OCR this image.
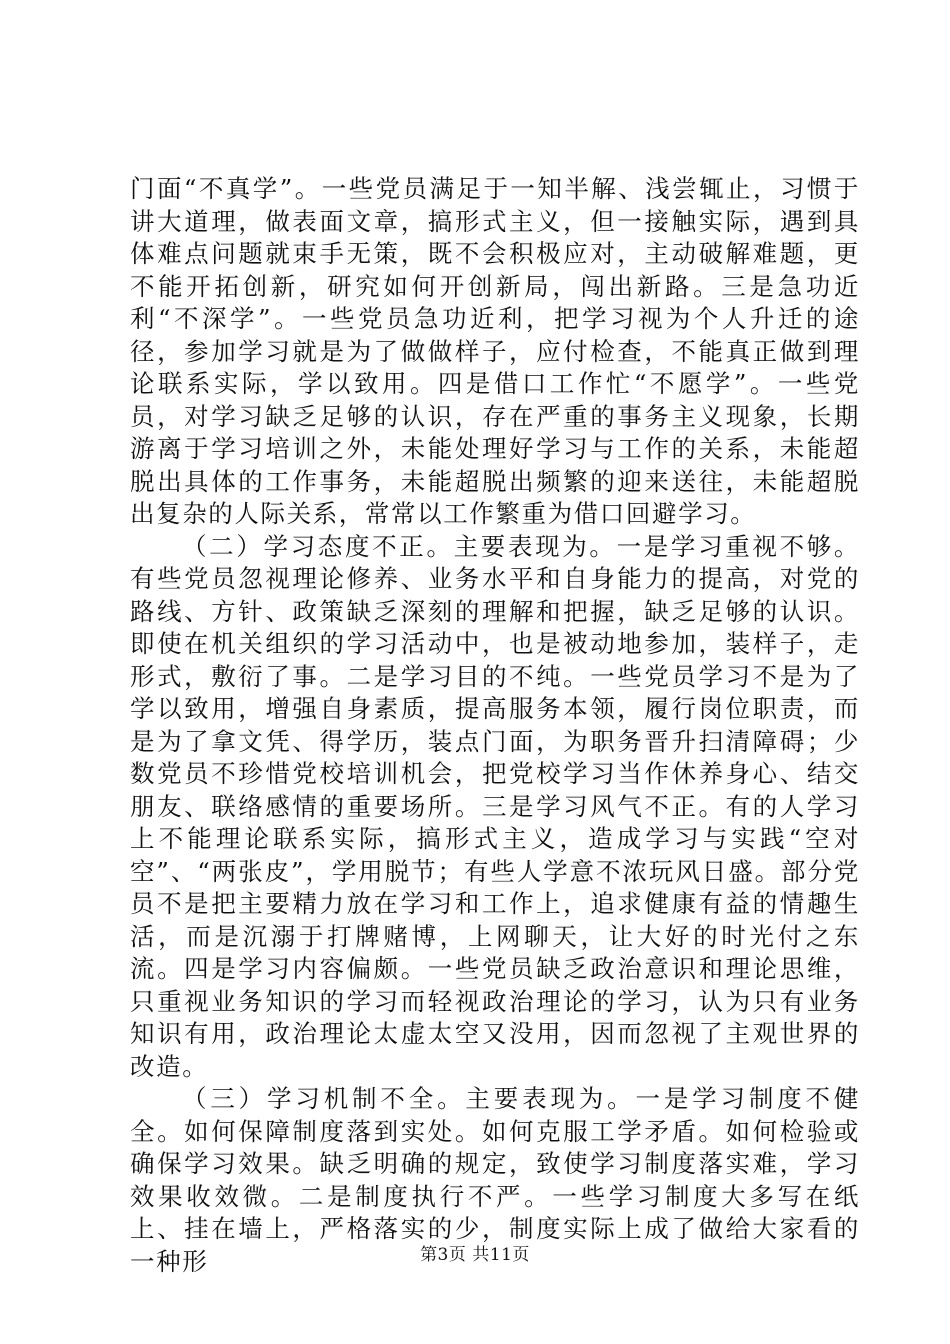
门面“不真学”。一些党员满足于一知半解、浅尝辄止，习惯于讲大道理，做表面文章，搞形式主义，但一接触实际，遇到具体难点问题就束手无策，既不会积极应对，主动破解难题，更不能开拓创新，研究如何开创新局，闯出新路。三是急功近利“不深学”。一些党员急功近利，把学习视为个人升迁的途径，参加学习就是为了做做样子，应付检查，不能真正做到理论联系实际，学以致用。四是借口工作忙“不愿学”。一些党员，对学习缺乏足够的认识，存在严重的事务主义现象，长期游离于学习培训之外，未能处理好学习与工作的关系，未能超脱出具体的工作事务，未能超脱出频繁的迎来送往，未能超脱出复杂的人际关系，常常以工作繁重为借口回避学习。

（二）学习态度不正。主要表现为。一是学习重视不够。有些党员忽视理论修养、业务水平和自身能力的提高，对党的路线、方针、政策缺乏深刻的理解和把握，缺乏足够的认识。即使在机关组织的学习活动中，也是被动地参加，装样子，走形式，敷衍了事。二是学习目的不纯。一些党员学习不是为了学以致用，增强自身素质，提高服务本领，履行岗位职责，而是为了拿文凭、得学历，装点门面，为职务晋升扫清障碍；少数党员不珍惜党校培训机会，把党校学习当作休养身心、结交朋友、联络感情的重要场所。三是学习风气不正。有的人学习上不能理论联系实际，搞形式主义，造成学习与实践“空对空”、“两张皮”，学用脱节；有些人学意不浓玩风日盛。部分党员不是把主要精力放在学习和工作上，追求健康有益的情趣生活，而是沉溺于打牌赌博，上网聊天，让大好的时光付之东流。四是学习内容偏颇。一些党员缺乏政治意识和理论思维，只重视业务知识的学习而轻视政治理论的学习，认为只有业务知识有用，政治理论太虚太空又没用，因而忽视了主观世界的改造。

（三）学习机制不全。主要表现为。一是学习制度不健全。如何保障制度落到实处。如何克服工学矛盾。如何检验或确保学习效果。缺乏明确的规定，致使学习制度落实难，学习效果收效微。二是制度执行不严。一些学习制度大多写在纸上、挂在墙上，严格落实的少，制度实际上成了做给大家看的一种形	第3页 共11页
